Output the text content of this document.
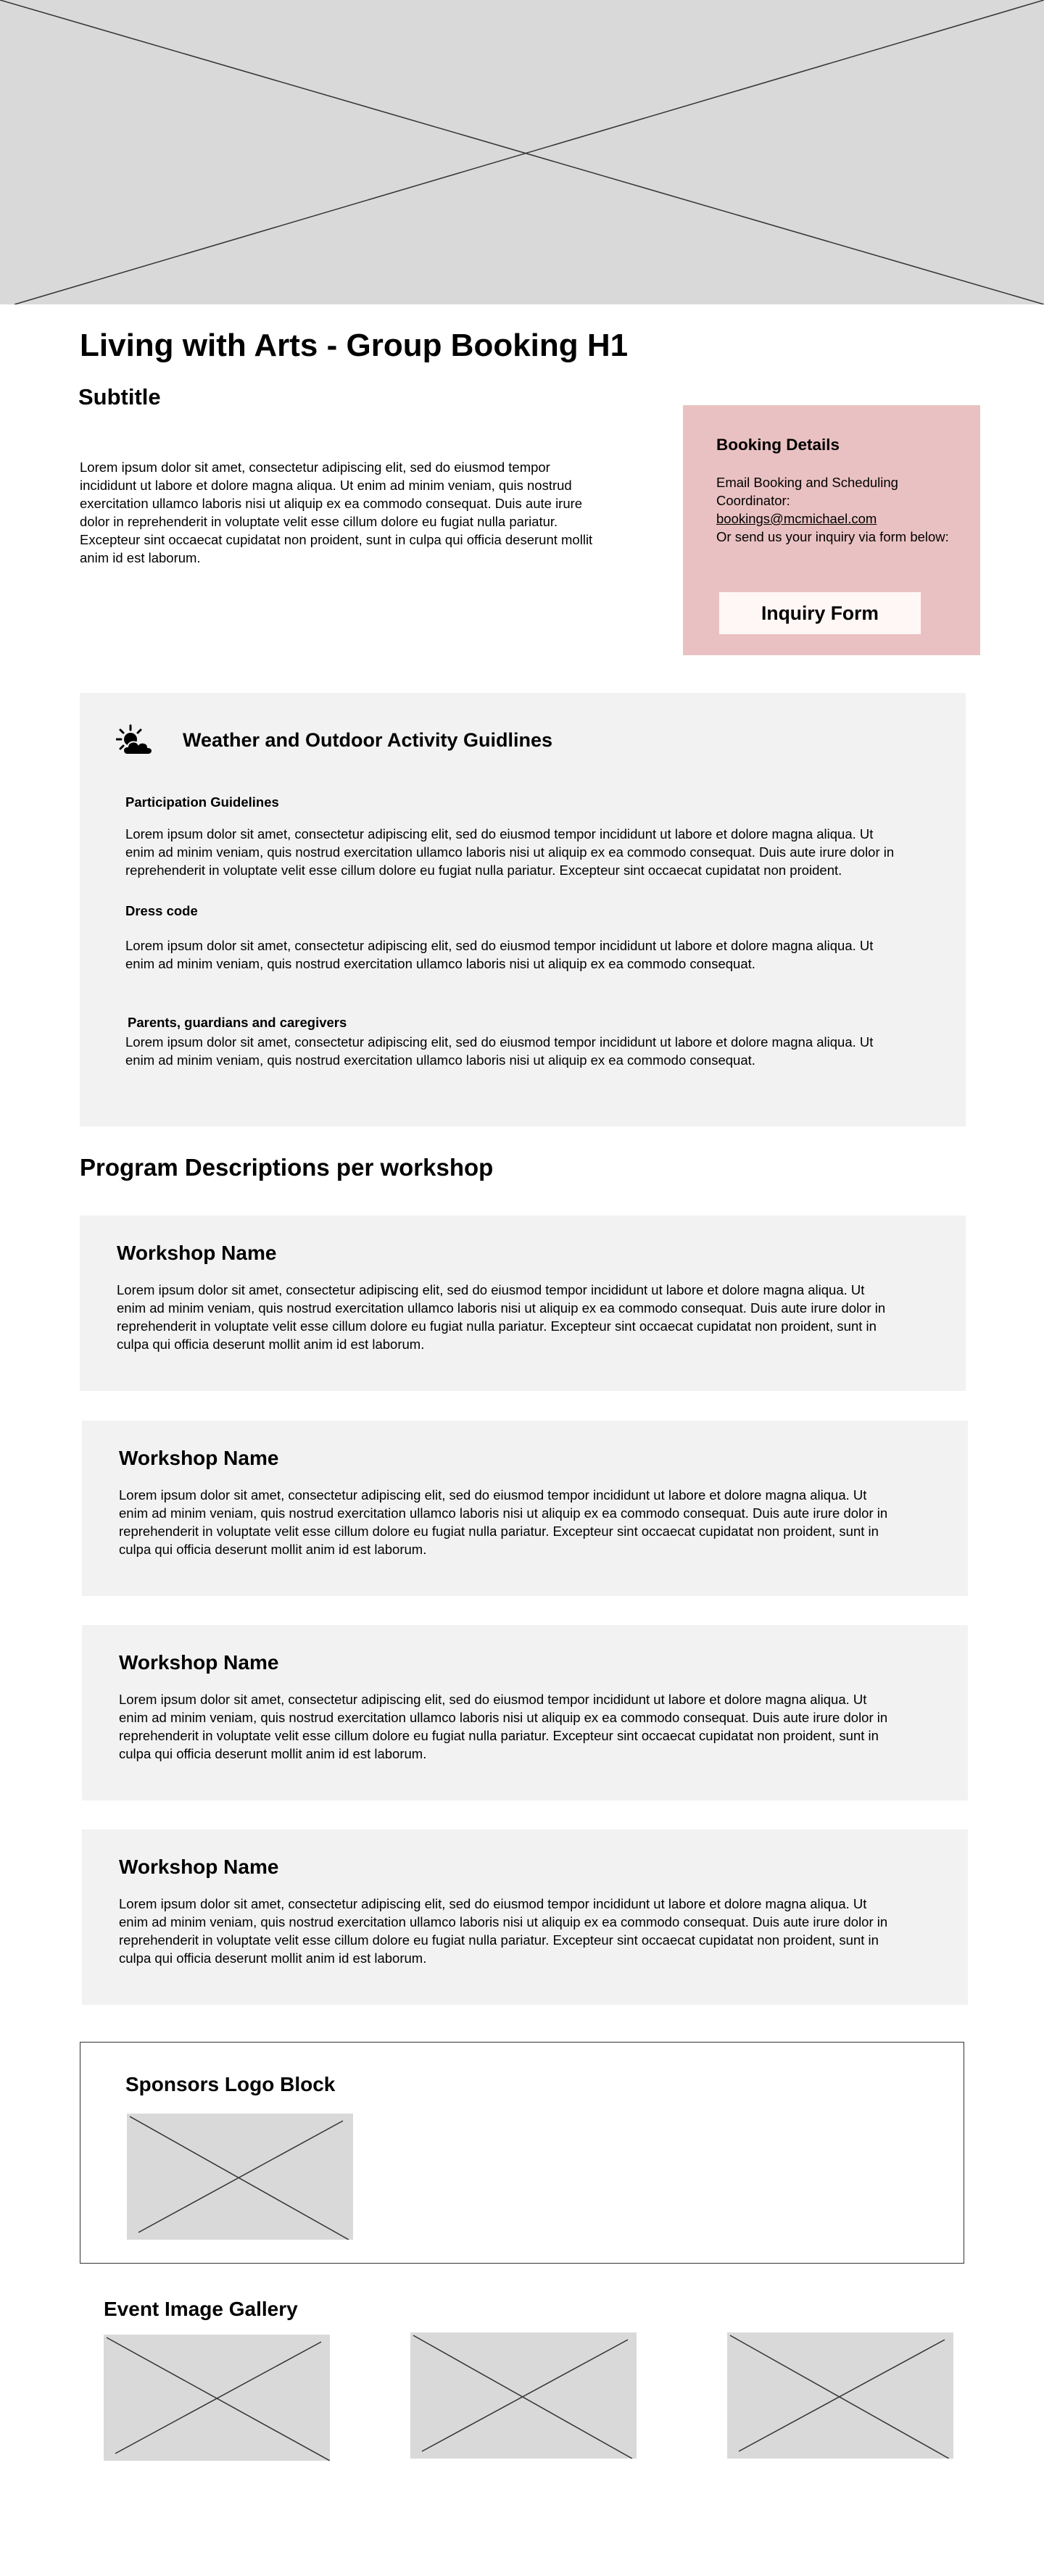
Living with Arts - Group Booking H1
Subtitle

Lorem ipsum dolor sit amet, consectetur adipiscing elit, sed do eiusmod tempor incididunt ut labore et dolore magna aliqua. Ut enim ad minim veniam, quis nostrud exercitation ullamco laboris nisi ut aliquip ex ea commodo consequat. Duis aute irure dolor in reprehenderit in voluptate velit esse cillum dolore eu fugiat nulla pariatur. Excepteur sint occaecat cupidatat non proident, sunt in culpa qui officia deserunt mollit anim id est laborum.

Booking Details
Email Booking and Scheduling Coordinator:
bookings@mcmichael.com
Or send us your inquiry via form below:
Inquiry Form
Weather and Outdoor Activity Guidlines
Participation Guidelines

Lorem ipsum dolor sit amet, consectetur adipiscing elit, sed do eiusmod tempor incididunt ut labore et dolore magna aliqua. Ut enim ad minim veniam, quis nostrud exercitation ullamco laboris nisi ut aliquip ex ea commodo consequat. Duis aute irure dolor in reprehenderit in voluptate velit esse cillum dolore eu fugiat nulla pariatur. Excepteur sint occaecat cupidatat non proident.

Dress code

Lorem ipsum dolor sit amet, consectetur adipiscing elit, sed do eiusmod tempor incididunt ut labore et dolore magna aliqua. Ut enim ad minim veniam, quis nostrud exercitation ullamco laboris nisi ut aliquip ex ea commodo consequat.

Parents, guardians and caregivers

Lorem ipsum dolor sit amet, consectetur adipiscing elit, sed do eiusmod tempor incididunt ut labore et dolore magna aliqua. Ut enim ad minim veniam, quis nostrud exercitation ullamco laboris nisi ut aliquip ex ea commodo consequat.

Program Descriptions per workshop
Workshop Name

Lorem ipsum dolor sit amet, consectetur adipiscing elit, sed do eiusmod tempor incididunt ut labore et dolore magna aliqua. Ut enim ad minim veniam, quis nostrud exercitation ullamco laboris nisi ut aliquip ex ea commodo consequat. Duis aute irure dolor in reprehenderit in voluptate velit esse cillum dolore eu fugiat nulla pariatur. Excepteur sint occaecat cupidatat non proident, sunt in culpa qui officia deserunt mollit anim id est laborum.

Workshop Name

Lorem ipsum dolor sit amet, consectetur adipiscing elit, sed do eiusmod tempor incididunt ut labore et dolore magna aliqua. Ut enim ad minim veniam, quis nostrud exercitation ullamco laboris nisi ut aliquip ex ea commodo consequat. Duis aute irure dolor in reprehenderit in voluptate velit esse cillum dolore eu fugiat nulla pariatur. Excepteur sint occaecat cupidatat non proident, sunt in culpa qui officia deserunt mollit anim id est laborum.

Workshop Name

Lorem ipsum dolor sit amet, consectetur adipiscing elit, sed do eiusmod tempor incididunt ut labore et dolore magna aliqua. Ut enim ad minim veniam, quis nostrud exercitation ullamco laboris nisi ut aliquip ex ea commodo consequat. Duis aute irure dolor in reprehenderit in voluptate velit esse cillum dolore eu fugiat nulla pariatur. Excepteur sint occaecat cupidatat non proident, sunt in culpa qui officia deserunt mollit anim id est laborum.

Workshop Name

Lorem ipsum dolor sit amet, consectetur adipiscing elit, sed do eiusmod tempor incididunt ut labore et dolore magna aliqua. Ut enim ad minim veniam, quis nostrud exercitation ullamco laboris nisi ut aliquip ex ea commodo consequat. Duis aute irure dolor in reprehenderit in voluptate velit esse cillum dolore eu fugiat nulla pariatur. Excepteur sint occaecat cupidatat non proident, sunt in culpa qui officia deserunt mollit anim id est laborum.

Sponsors Logo Block
Event Image Gallery
